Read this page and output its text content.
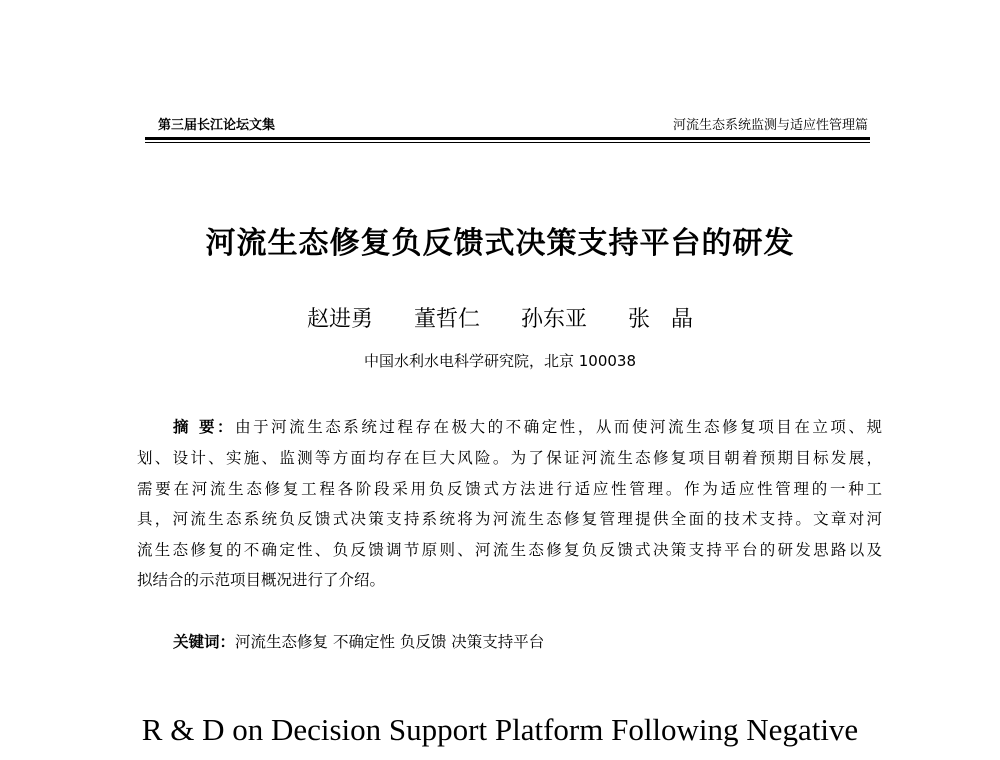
第三届长江论坛文集	河流生态系统监测与适应性管理篇
河流生态修复负反馈式决策支持平台的研发
赵进勇 董哲仁 孙东亚 张 晶
中国水利水电科学研究院，北京 100038
摘 要：由于河流生态系统过程存在极大的不确定性，从而使河流生态修复项目在立项、规
划、设计、实施、监测等方面均存在巨大风险。为了保证河流生态修复项目朝着预期目标发展，
需要在河流生态修复工程各阶段采用负反馈式方法进行适应性管理。作为适应性管理的一种工
具，河流生态系统负反馈式决策支持系统将为河流生态修复管理提供全面的技术支持。文章对河
流生态修复的不确定性、负反馈调节原则、河流生态修复负反馈式决策支持平台的研发思路以及
拟结合的示范项目概况进行了介绍。
关键词：河流生态修复 不确定性 负反馈 决策支持平台
R & D on Decision Support Platform Following Negative
